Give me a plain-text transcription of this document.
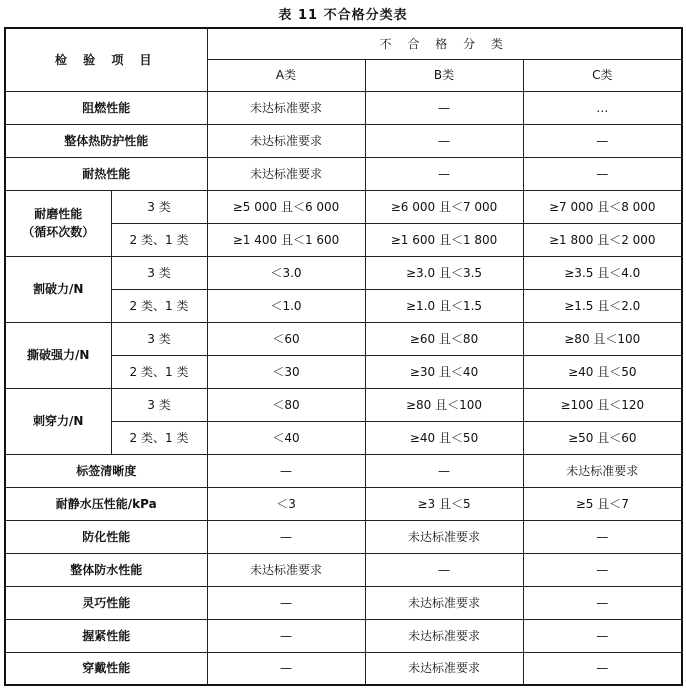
表 11 不合格分类表
检 验 项 目		不 合 格 分 类		
		A类	B类	C类
阻燃性能		未达标准要求	—	…
整体热防护性能		未达标准要求	—	—
耐热性能		未达标准要求	—	—

耐磨性能
（循环次数）	3 类	≥5 000 且＜6 000	≥6 000 且＜7 000	≥7 000 且＜8 000
	2 类、1 类	≥1 400 且＜1 600	≥1 600 且＜1 800	≥1 800 且＜2 000
割破力/N	3 类	＜3.0	≥3.0 且＜3.5	≥3.5 且＜4.0
	2 类、1 类	＜1.0	≥1.0 且＜1.5	≥1.5 且＜2.0
撕破强力/N	3 类	＜60	≥60 且＜80	≥80 且＜100
	2 类、1 类	＜30	≥30 且＜40	≥40 且＜50
刺穿力/N	3 类	＜80	≥80 且＜100	≥100 且＜120
	2 类、1 类	＜40	≥40 且＜50	≥50 且＜60
标签清晰度		—	—	未达标准要求
耐静水压性能/kPa		＜3	≥3 且＜5	≥5 且＜7
防化性能		—	未达标准要求	—
整体防水性能		未达标准要求	—	—
灵巧性能		—	未达标准要求	—
握紧性能		—	未达标准要求	—
穿戴性能		—	未达标准要求	—
